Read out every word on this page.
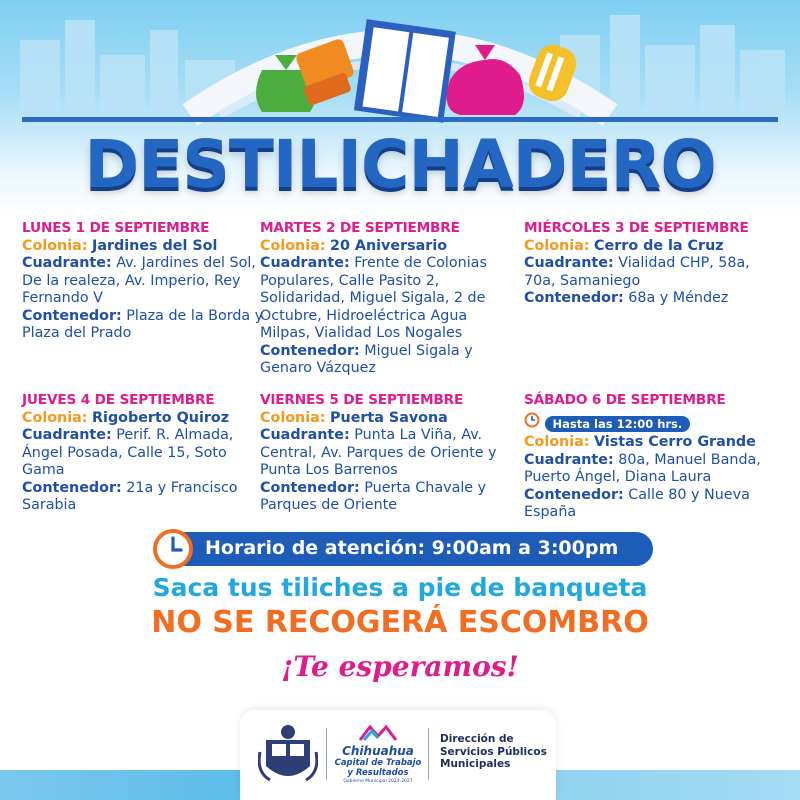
DESTILICHADERO
LUNES 1 DE SEPTIEMBRE
Colonia: Jardines del Sol
Cuadrante: Av. Jardines del Sol, De la realeza, Av. Imperio, Rey Fernando V
Contenedor: Plaza de la Borda y Plaza del Prado
MARTES 2 DE SEPTIEMBRE
Colonia: 20 Aniversario
Cuadrante: Frente de Colonias Populares, Calle Pasito 2, Solidaridad, Miguel Sigala, 2 de Octubre, Hidroeléctrica Agua Milpas, Vialidad Los Nogales
Contenedor: Miguel Sigala y Genaro Vázquez
MIÉRCOLES 3 DE SEPTIEMBRE
Colonia: Cerro de la Cruz
Cuadrante: Vialidad CHP, 58a, 70a, Samaniego
Contenedor: 68a y Méndez
JUEVES 4 DE SEPTIEMBRE
Colonia: Rigoberto Quiroz
Cuadrante: Perif. R. Almada, Ángel Posada, Calle 15, Soto Gama
Contenedor: 21a y Francisco Sarabia
VIERNES 5 DE SEPTIEMBRE
Colonia: Puerta Savona
Cuadrante: Punta La Viña, Av. Central, Av. Parques de Oriente y Punta Los Barrenos
Contenedor: Puerta Chavale y Parques de Oriente
SÁBADO 6 DE SEPTIEMBRE
Hasta las 12:00 hrs.
Colonia: Vistas Cerro Grande
Cuadrante: 80a, Manuel Banda, Puerto Ángel, Diana Laura
Contenedor: Calle 80 y Nueva España
Horario de atención: 9:00am a 3:00pm
Saca tus tiliches a pie de banqueta
NO SE RECOGERÁ ESCOMBRO
¡Te esperamos!
Chihuahua
Capital de Trabajo
y Resultados
Gobierno Municipal 2024-2027
Dirección de
Servicios Públicos
Municipales
